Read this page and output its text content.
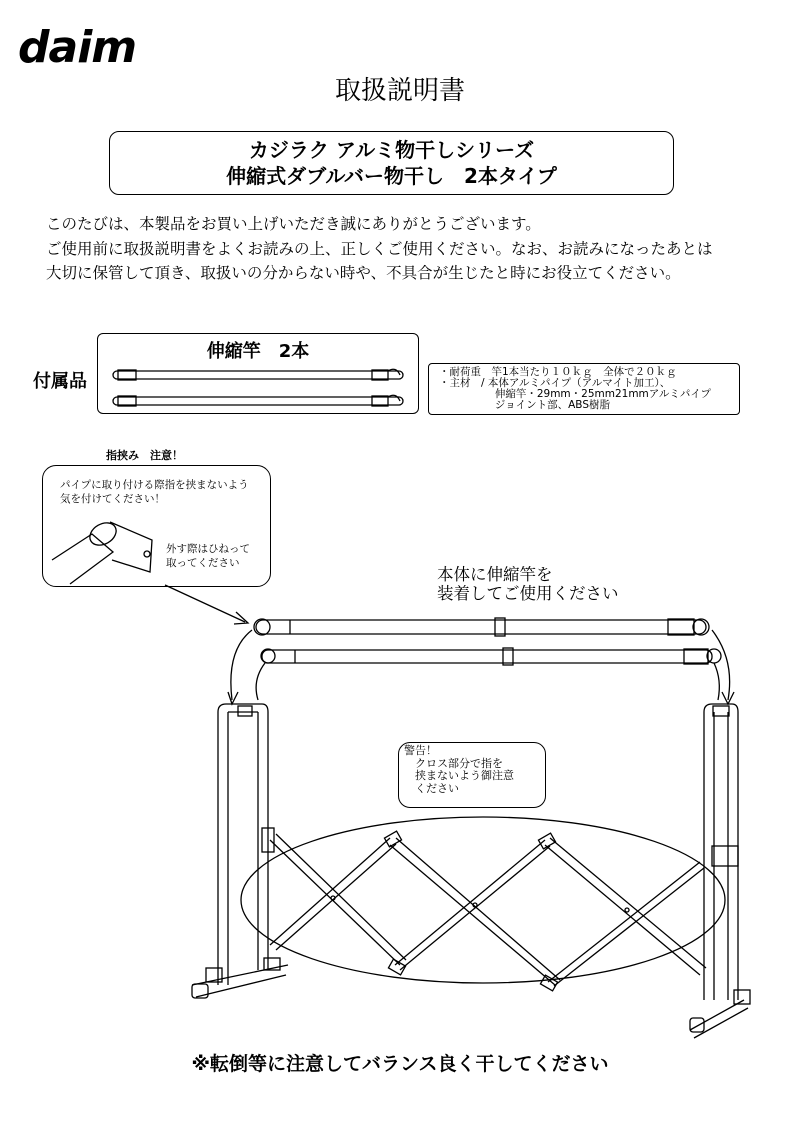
daim
取扱説明書
カジラク アルミ物干しシリーズ
伸縮式ダブルバー物干し　2本タイプ
このたびは、本製品をお買い上げいただき誠にありがとうございます。
ご使用前に取扱説明書をよくお読みの上、正しくご使用ください。なお、お読みになったあとは
大切に保管して頂き、取扱いの分からない時や、不具合が生じたと時にお役立てください。
付属品
伸縮竿　2本
・耐荷重　竿1本当たり１０ｋｇ　全体で２０ｋｇ
・主材　/ 本体アルミパイプ（アルマイト加工）、
　　　　　 伸縮竿・29mm・25mm21mmアルミパイプ
　　　　　 ジョイント部、ABS樹脂
指挟み　注意！
パイプに取り付ける際指を挟まないよう
気を付けてください！
外す際はひねって
取ってください
本体に伸縮竿を
装着してご使用ください
警告！
　クロス部分で指を
　挟まないよう御注意
　ください
※転倒等に注意してバランス良く干してください
